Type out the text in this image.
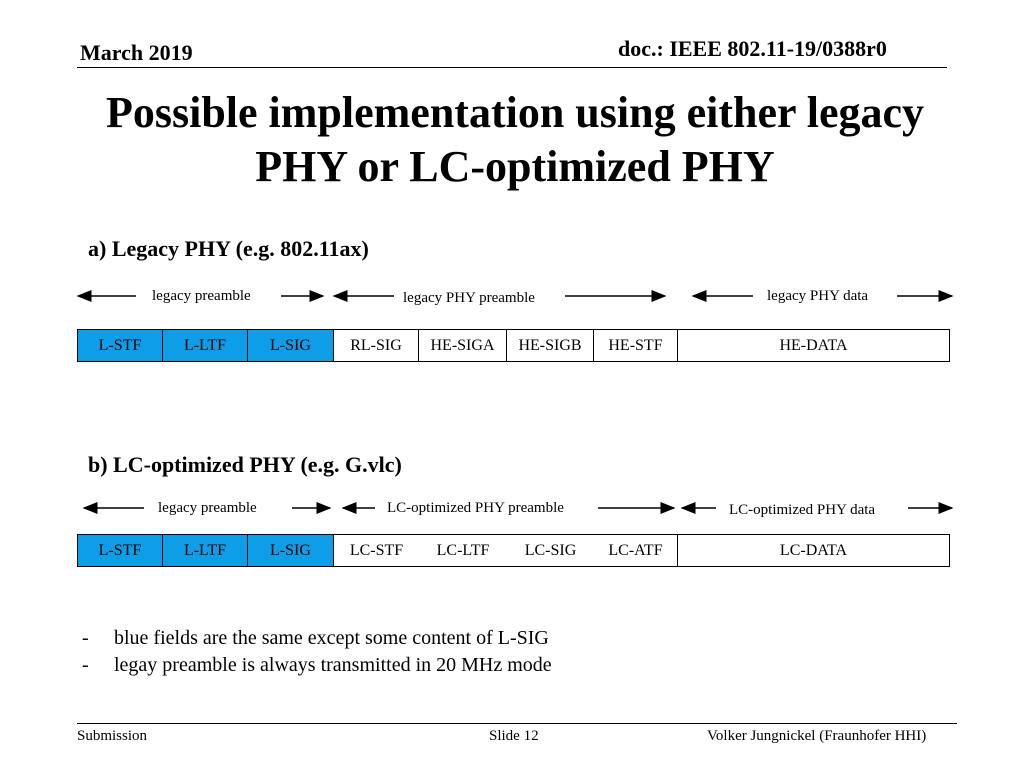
March 2019	doc.: IEEE 802.11-19/0388r0
Possible implementation using either legacy
PHY or LC-optimized PHY
a) Legacy PHY (e.g. 802.11ax)
legacy preamble	legacy PHY preamble	legacy PHY data
L-STF	L-LTF	L-SIG	RL-SIG	HE-SIGA	HE-SIGB	HE-STF	HE-DATA
b) LC-optimized PHY (e.g. G.vlc)
legacy preamble	LC-optimized PHY preamble	LC-optimized PHY data
L-STF	L-LTF	L-SIG	LC-STF	LC-LTF	LC-SIG	LC-ATF	LC-DATA
-	blue fields are the same except some content of L-SIG
-	legay preamble is always transmitted in 20 MHz mode
Submission	Slide 12	Volker Jungnickel (Fraunhofer HHI)
